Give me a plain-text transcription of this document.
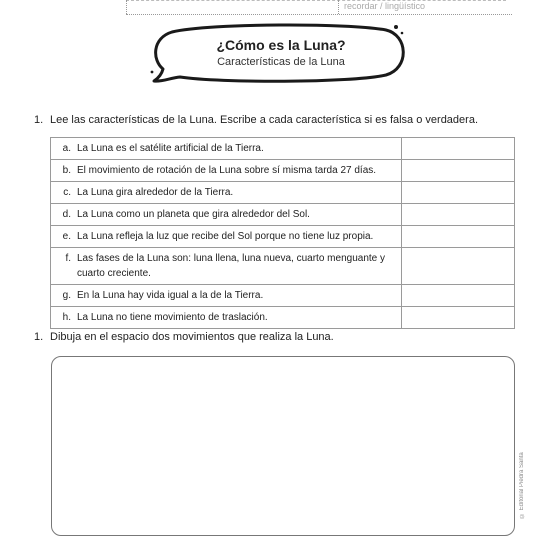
recordar / lingüístico
¿Cómo es la Luna?
Características de la Luna
1. Lee las características de la Luna. Escribe a cada característica si es falsa o verdadera.
a. La Luna es el satélite artificial de la Tierra.	

b. El movimiento de rotación de la Luna sobre sí misma tarda 27 días.	

c. La Luna gira alrededor de la Tierra.	

d. La Luna como un planeta que gira alrededor del Sol.	

e. La Luna refleja la luz que recibe del Sol porque no tiene luz propia.	

f. Las fases de la Luna son: luna llena, luna nueva, cuarto menguante y cuarto creciente.	

g. En la Luna hay vida igual a la de la Tierra.	

h. La Luna no tiene movimiento de traslación.	

1. Dibuja en el espacio dos movimientos que realiza la Luna.
© Editorial Piedra Santa
